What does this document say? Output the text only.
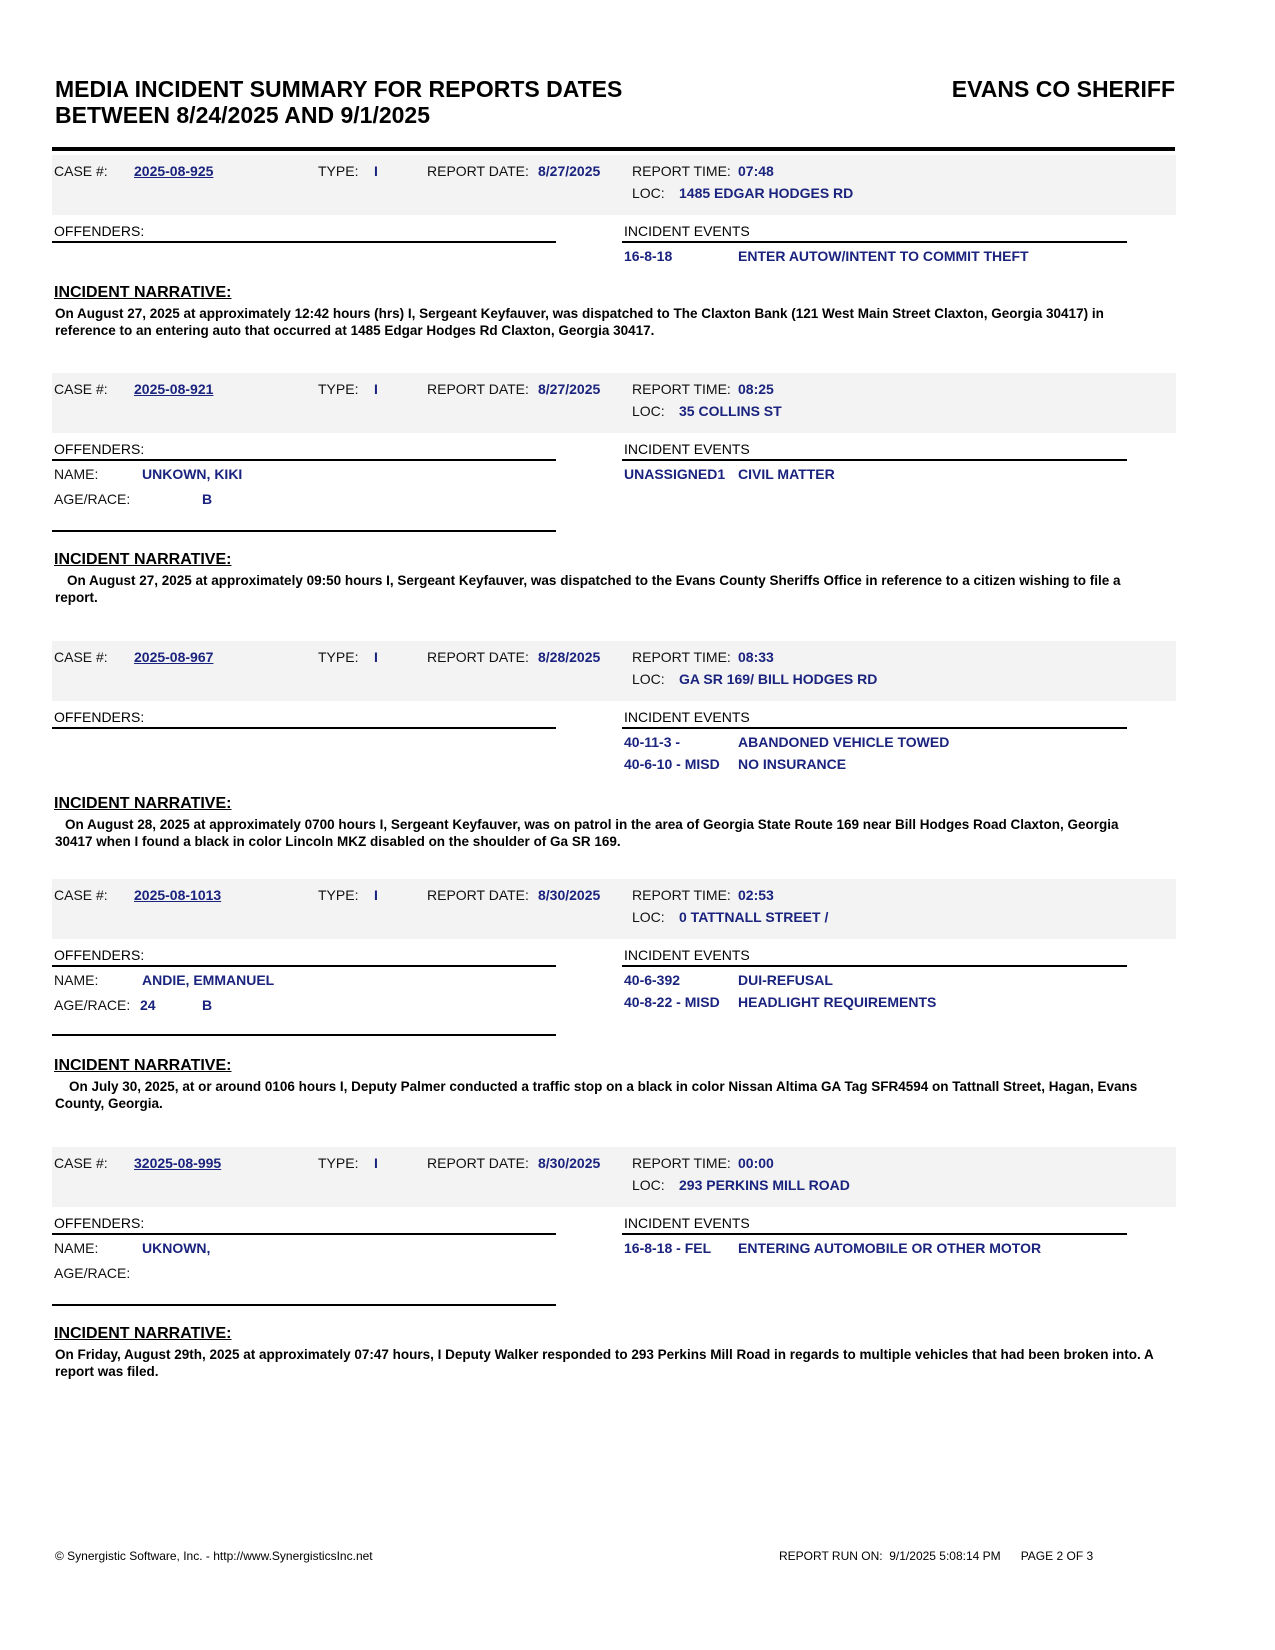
MEDIA INCIDENT SUMMARY FOR REPORTS DATES
BETWEEN 8/24/2025 AND 9/1/2025
EVANS CO SHERIFF
CASE #: 2025-08-925	TYPE: I	REPORT DATE: 8/27/2025 REPORT TIME: 07:48
LOC: 1485 EDGAR HODGES RD
OFFENDERS:	INCIDENT EVENTS
16-8-18	ENTER AUTOW/INTENT TO COMMIT THEFT
INCIDENT NARRATIVE:
On August 27, 2025 at approximately 12:42 hours (hrs) I, Sergeant Keyfauver, was dispatched to The Claxton Bank (121 West Main Street Claxton, Georgia 30417) in reference to an entering auto that occurred at 1485 Edgar Hodges Rd Claxton, Georgia 30417.
CASE #: 2025-08-921	TYPE: I	REPORT DATE: 8/27/2025 REPORT TIME: 08:25
LOC: 35 COLLINS ST
OFFENDERS:
NAME:	UNKOWN, KIKI
AGE/RACE:	B
INCIDENT EVENTS
UNASSIGNED1 CIVIL MATTER
INCIDENT NARRATIVE:
On August 27, 2025 at approximately 09:50 hours I, Sergeant Keyfauver, was dispatched to the Evans County Sheriffs Office in reference to a citizen wishing to file a report.
CASE #: 2025-08-967	TYPE: I	REPORT DATE: 8/28/2025 REPORT TIME: 08:33
LOC: GA SR 169/ BILL HODGES RD
OFFENDERS:	INCIDENT EVENTS
40-11-3 -	ABANDONED VEHICLE TOWED
40-6-10 - MISD NO INSURANCE
INCIDENT NARRATIVE:
On August 28, 2025 at approximately 0700 hours I, Sergeant Keyfauver, was on patrol in the area of Georgia State Route 169 near Bill Hodges Road Claxton, Georgia 30417 when I found a black in color Lincoln MKZ disabled on the shoulder of Ga SR 169.
CASE #: 2025-08-1013	TYPE: I	REPORT DATE: 8/30/2025 REPORT TIME: 02:53
LOC: 0 TATTNALL STREET /
OFFENDERS:
NAME:	ANDIE, EMMANUEL
AGE/RACE: 24	B
INCIDENT EVENTS
40-6-392	DUI-REFUSAL
40-8-22 - MISD HEADLIGHT REQUIREMENTS
INCIDENT NARRATIVE:
On July 30, 2025, at or around 0106 hours I, Deputy Palmer conducted a traffic stop on a black in color Nissan Altima GA Tag SFR4594 on Tattnall Street, Hagan, Evans County, Georgia.
CASE #: 32025-08-995	TYPE: I	REPORT DATE: 8/30/2025 REPORT TIME: 00:00
LOC: 293 PERKINS MILL ROAD
OFFENDERS:
NAME:	UKNOWN,
AGE/RACE:
INCIDENT EVENTS
16-8-18 - FEL ENTERING AUTOMOBILE OR OTHER MOTOR
INCIDENT NARRATIVE:
On Friday, August 29th, 2025 at approximately 07:47 hours, I Deputy Walker responded to 293 Perkins Mill Road in regards to multiple vehicles that had been broken into. A report was filed.
© Synergistic Software, Inc. - http://www.SynergisticsInc.net	REPORT RUN ON: 9/1/2025 5:08:14 PM PAGE 2 OF 3
